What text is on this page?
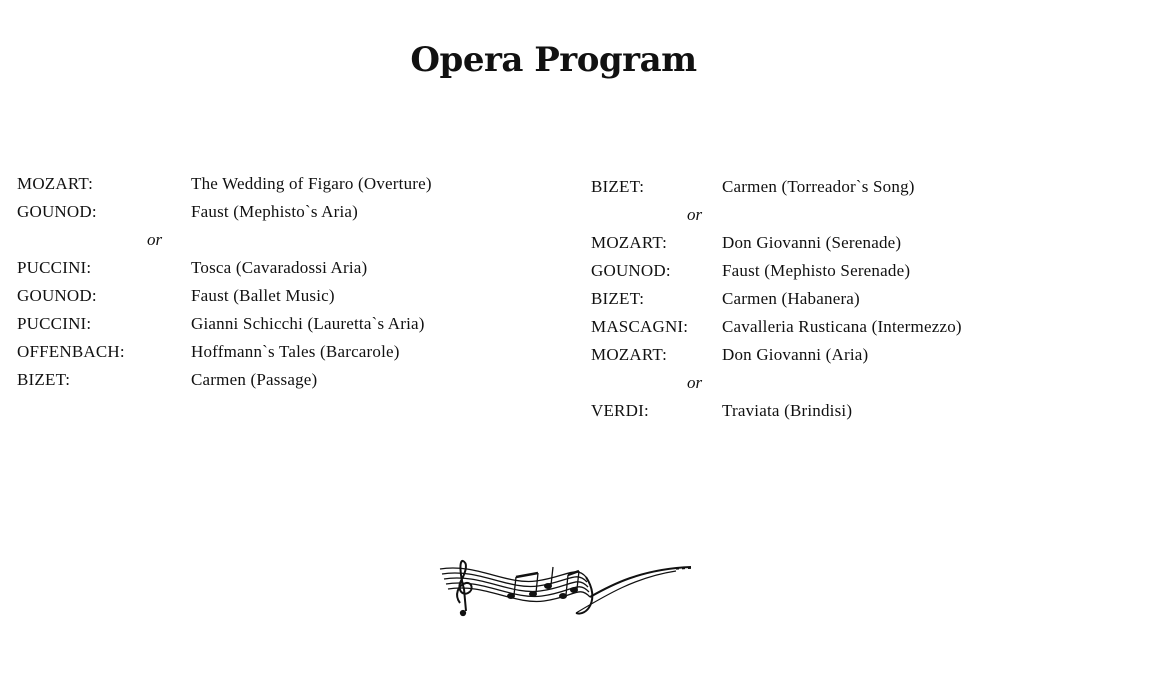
Opera Program
MOZART:	The Wedding of Figaro (Overture)
GOUNOD:	Faust (Mephisto`s Aria)
or
PUCCINI:	Tosca (Cavaradossi Aria)
GOUNOD:	Faust (Ballet Music)
PUCCINI:	Gianni Schicchi (Lauretta`s Aria)
OFFENBACH:	Hoffmann`s Tales (Barcarole)
BIZET:	Carmen (Passage)
BIZET:	Carmen (Torreador`s Song)
or
MOZART:	Don Giovanni (Serenade)
GOUNOD:	Faust (Mephisto Serenade)
BIZET:	Carmen (Habanera)
MASCAGNI: Cavalleria Rusticana (Intermezzo)
MOZART:	Don Giovanni (Aria)
or
VERDI:	Traviata (Brindisi)
